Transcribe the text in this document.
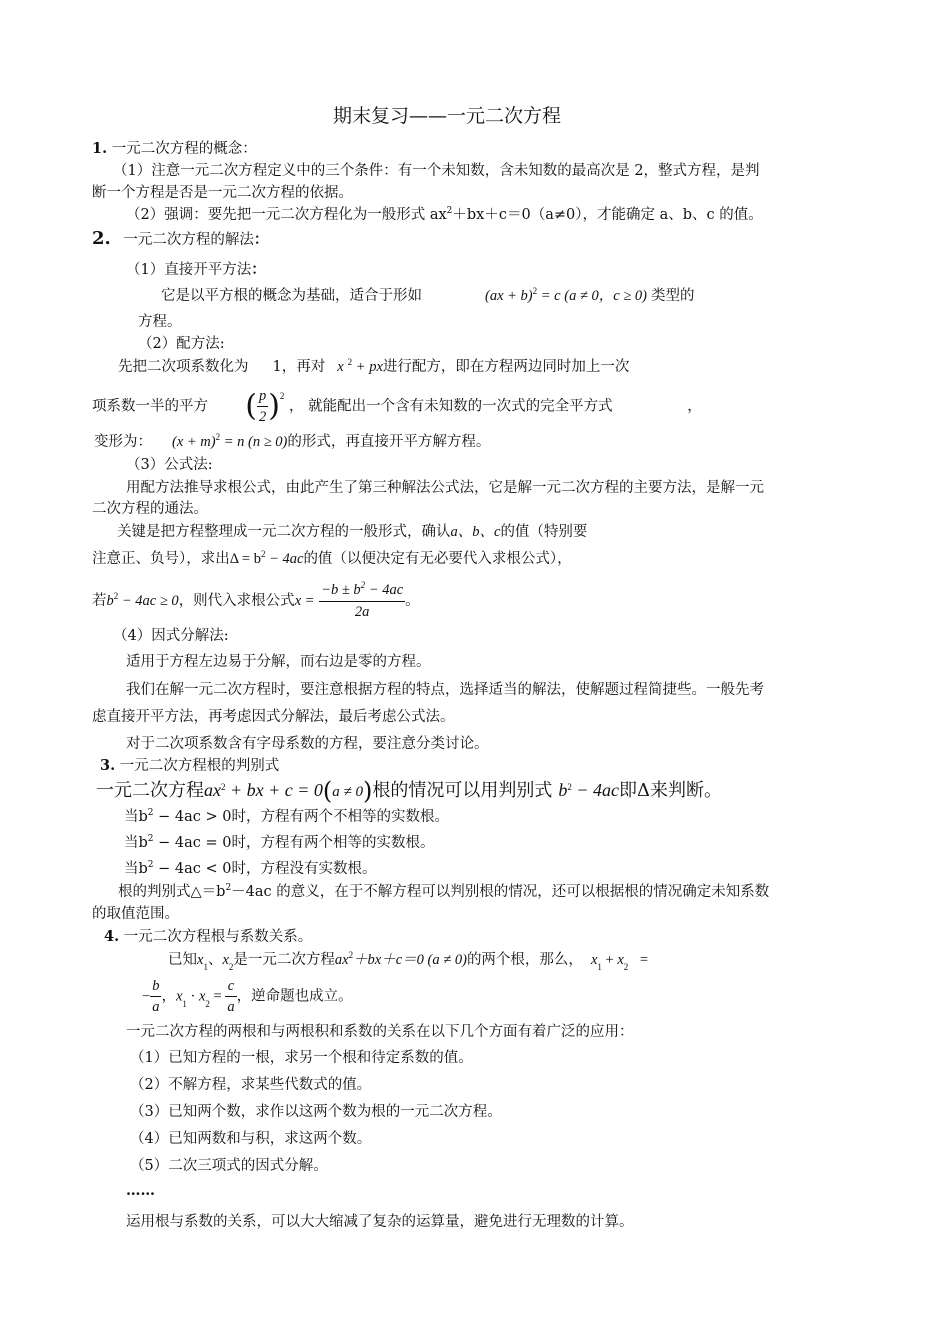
期末复习——一元二次方程
1. 一元二次方程的概念：
（1）注意一元二次方程定义中的三个条件：有一个未知数，含未知数的最高次是 2，整式方程，是判
断一个方程是否是一元二次方程的依据。
（2）强调：要先把一元二次方程化为一般形式 $ax^2+bx+c=0(a\ne 0)$，才能确定 a、b、c 的值。
2. 一元二次方程的解法：
（1）直接开平方法：
它是以平方根的概念为基础，适合于形如	(ax + b)$^2$ = c (a ≠ 0，c ≥ 0) 类型的
方程。
（2）配方法:
先把二次项系数化为 1，再对 x $^2$ + px进行配方，即在方程两边同时加上一次
项系数一半的平方 ( $\frac{p}{2} )^2$ ， 就能配出一个含有未知数的一次式的完全平方式	，
变形为： $(x + m)^2 = n$ (n ≥ 0)的形式，再直接开平方解方程。
（3）公式法:
用配方法推导求根公式，由此产生了第三种解法公式法，它是解一元二次方程的主要方法，是解一元
二次方程的通法。
关键是把方程整理成一元二次方程的一般形式，确认a、b、c的值（特别要
注意正、负号），求出$\Delta = b^2 - 4ac$的值（以便决定有无必要代入求根公式），
若$b^2 - 4ac \ge 0$，则代入求根公式$x = \frac{-b \pm b^2 - 4ac}{2a}$ 。
（4）因式分解法:
适用于方程左边易于分解，而右边是零的方程。
我们在解一元二次方程时，要注意根据方程的特点，选择适当的解法，使解题过程简捷些。一般先考
虑直接开平方法，再考虑因式分解法，最后考虑公式法。
对于二次项系数含有字母系数的方程，要注意分类讨论。
3. 一元二次方程根的判别式
一元二次方程$ax^2$ + bx + c = 0(a ≠ 0)根的情况可以用判别式 $b^2 - 4ac$即Δ来判断。
当$b^2 - 4ac > 0$时，方程有两个不相等的实数根。
当$b^2 - 4ac = 0$时，方程有两个相等的实数根。
当$b^2 - 4ac < 0$时，方程没有实数根。
根的判别式$\triangle=b^2-4ac$ 的意义，在于不解方程可以判别根的情况，还可以根据根的情况确定未知系数
的取值范围。
4. 一元二次方程根与系数关系。
已知$x_1$、$x_2$是一元二次方程$ax^2+bx+c=0$ (a ≠ 0)的两个根，那么， $x_1 + x_2$ =
− $\frac{b}{a}$ ，$x_1 \cdot x_2 = \frac{c}{a}$ ，逆命题也成立。
一元二次方程的两根和与两根积和系数的关系在以下几个方面有着广泛的应用：
（1）已知方程的一根，求另一个根和待定系数的值。
（2）不解方程，求某些代数式的值。
（3）已知两个数，求作以这两个数为根的一元二次方程。
（4）已知两数和与积，求这两个数。
（5）二次三项式的因式分解。
……
运用根与系数的关系，可以大大缩减了复杂的运算量，避免进行无理数的计算。
